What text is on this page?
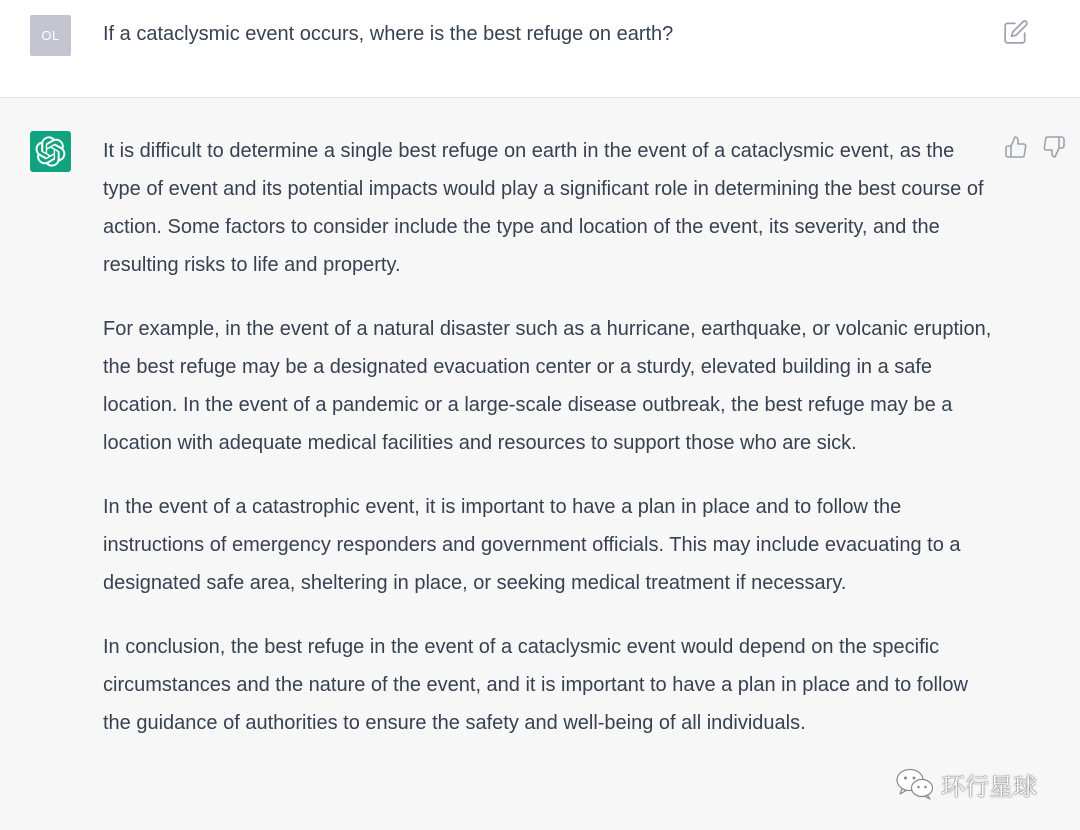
OL	If a cataclysmic event occurs, where is the best refuge on earth?

It is difficult to determine a single best refuge on earth in the event of a cataclysmic event, as the type of event and its potential impacts would play a significant role in determining the best course of action. Some factors to consider include the type and location of the event, its severity, and the resulting risks to life and property.

For example, in the event of a natural disaster such as a hurricane, earthquake, or volcanic eruption, the best refuge may be a designated evacuation center or a sturdy, elevated building in a safe location. In the event of a pandemic or a large-scale disease outbreak, the best refuge may be a location with adequate medical facilities and resources to support those who are sick.

In the event of a catastrophic event, it is important to have a plan in place and to follow the instructions of emergency responders and government officials. This may include evacuating to a designated safe area, sheltering in place, or seeking medical treatment if necessary.

In conclusion, the best refuge in the event of a cataclysmic event would depend on the specific circumstances and the nature of the event, and it is important to have a plan in place and to follow the guidance of authorities to ensure the safety and well-being of all individuals.

环行星球
